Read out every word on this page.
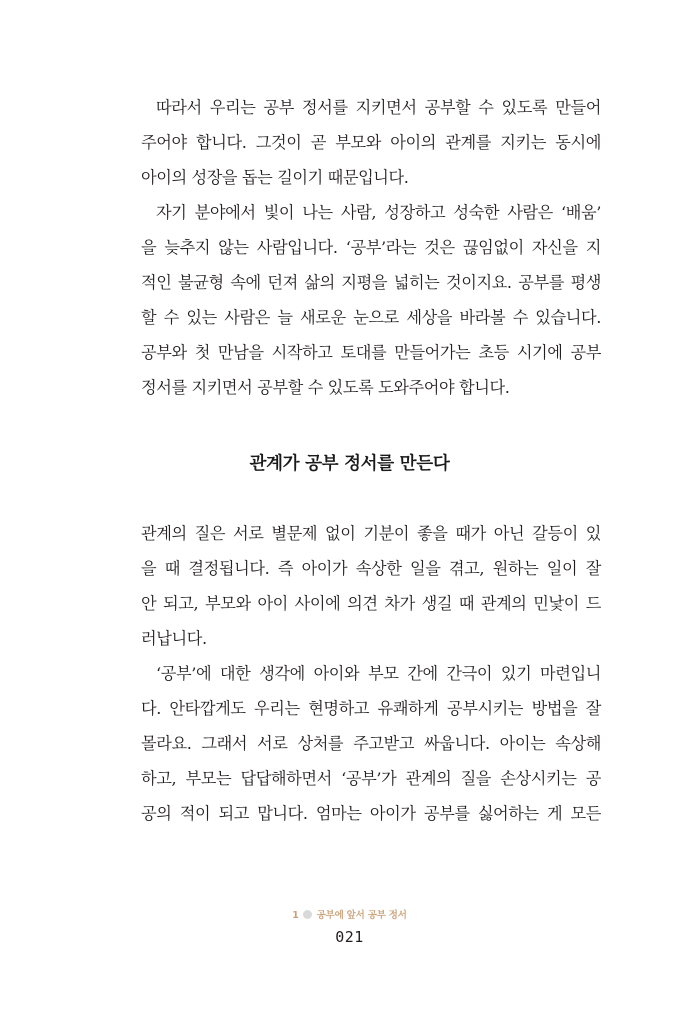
따라서 우리는 공부 정서를 지키면서 공부할 수 있도록 만들어
주어야 합니다. 그것이 곧 부모와 아이의 관계를 지키는 동시에
아이의 성장을 돕는 길이기 때문입니다.

자기 분야에서 빛이 나는 사람, 성장하고 성숙한 사람은 ‘배움’
을 늦추지 않는 사람입니다. ‘공부’라는 것은 끊임없이 자신을 지
적인 불균형 속에 던져 삶의 지평을 넓히는 것이지요. 공부를 평생
할 수 있는 사람은 늘 새로운 눈으로 세상을 바라볼 수 있습니다.
공부와 첫 만남을 시작하고 토대를 만들어가는 초등 시기에 공부
정서를 지키면서 공부할 수 있도록 도와주어야 합니다.

관계가 공부 정서를 만든다

관계의 질은 서로 별문제 없이 기분이 좋을 때가 아닌 갈등이 있
을 때 결정됩니다. 즉 아이가 속상한 일을 겪고, 원하는 일이 잘
안 되고, 부모와 아이 사이에 의견 차가 생길 때 관계의 민낯이 드
러납니다.

‘공부’에 대한 생각에 아이와 부모 간에 간극이 있기 마련입니
다. 안타깝게도 우리는 현명하고 유쾌하게 공부시키는 방법을 잘
몰라요. 그래서 서로 상처를 주고받고 싸웁니다. 아이는 속상해
하고, 부모는 답답해하면서 ‘공부’가 관계의 질을 손상시키는 공
공의 적이 되고 맙니다. 엄마는 아이가 공부를 싫어하는 게 모든

1 공부에 앞서 공부 정서
021
